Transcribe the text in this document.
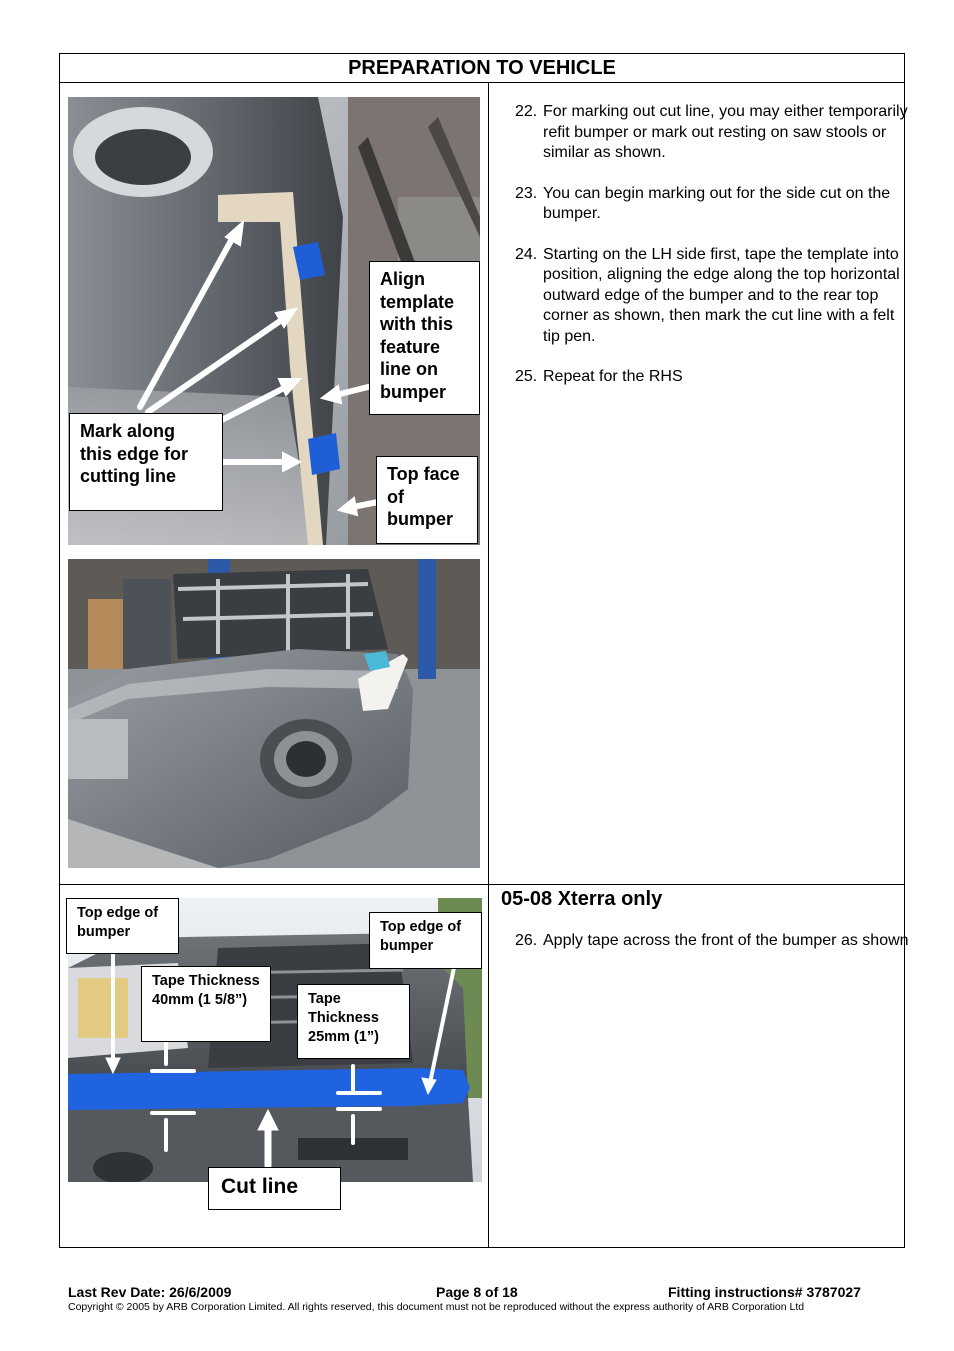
PREPARATION TO VEHICLE
22. For marking out cut line, you may either temporarily refit bumper or mark out resting on saw stools or similar as shown.
23. You can begin marking out for the side cut on the bumper.
24. Starting on the LH side first, tape the template into position, aligning the edge along the top horizontal outward edge of the bumper and to the rear top corner as shown, then mark the cut line with a felt tip pen.
25. Repeat for the RHS
05-08 Xterra only
26. Apply tape across the front of the bumper as shown
Align template with this feature line on bumper
Mark along this edge for cutting line	Top face of bumper
Top edge of bumper	Top edge of bumper
Tape Thickness 40mm (1 5/8”)	Tape Thickness 25mm (1”)
Cut line
Last Rev Date: 26/6/2009	Page 8 of 18	Fitting instructions# 3787027
Copyright © 2005 by ARB Corporation Limited. All rights reserved, this document must not be reproduced without the express authority of ARB Corporation Ltd
